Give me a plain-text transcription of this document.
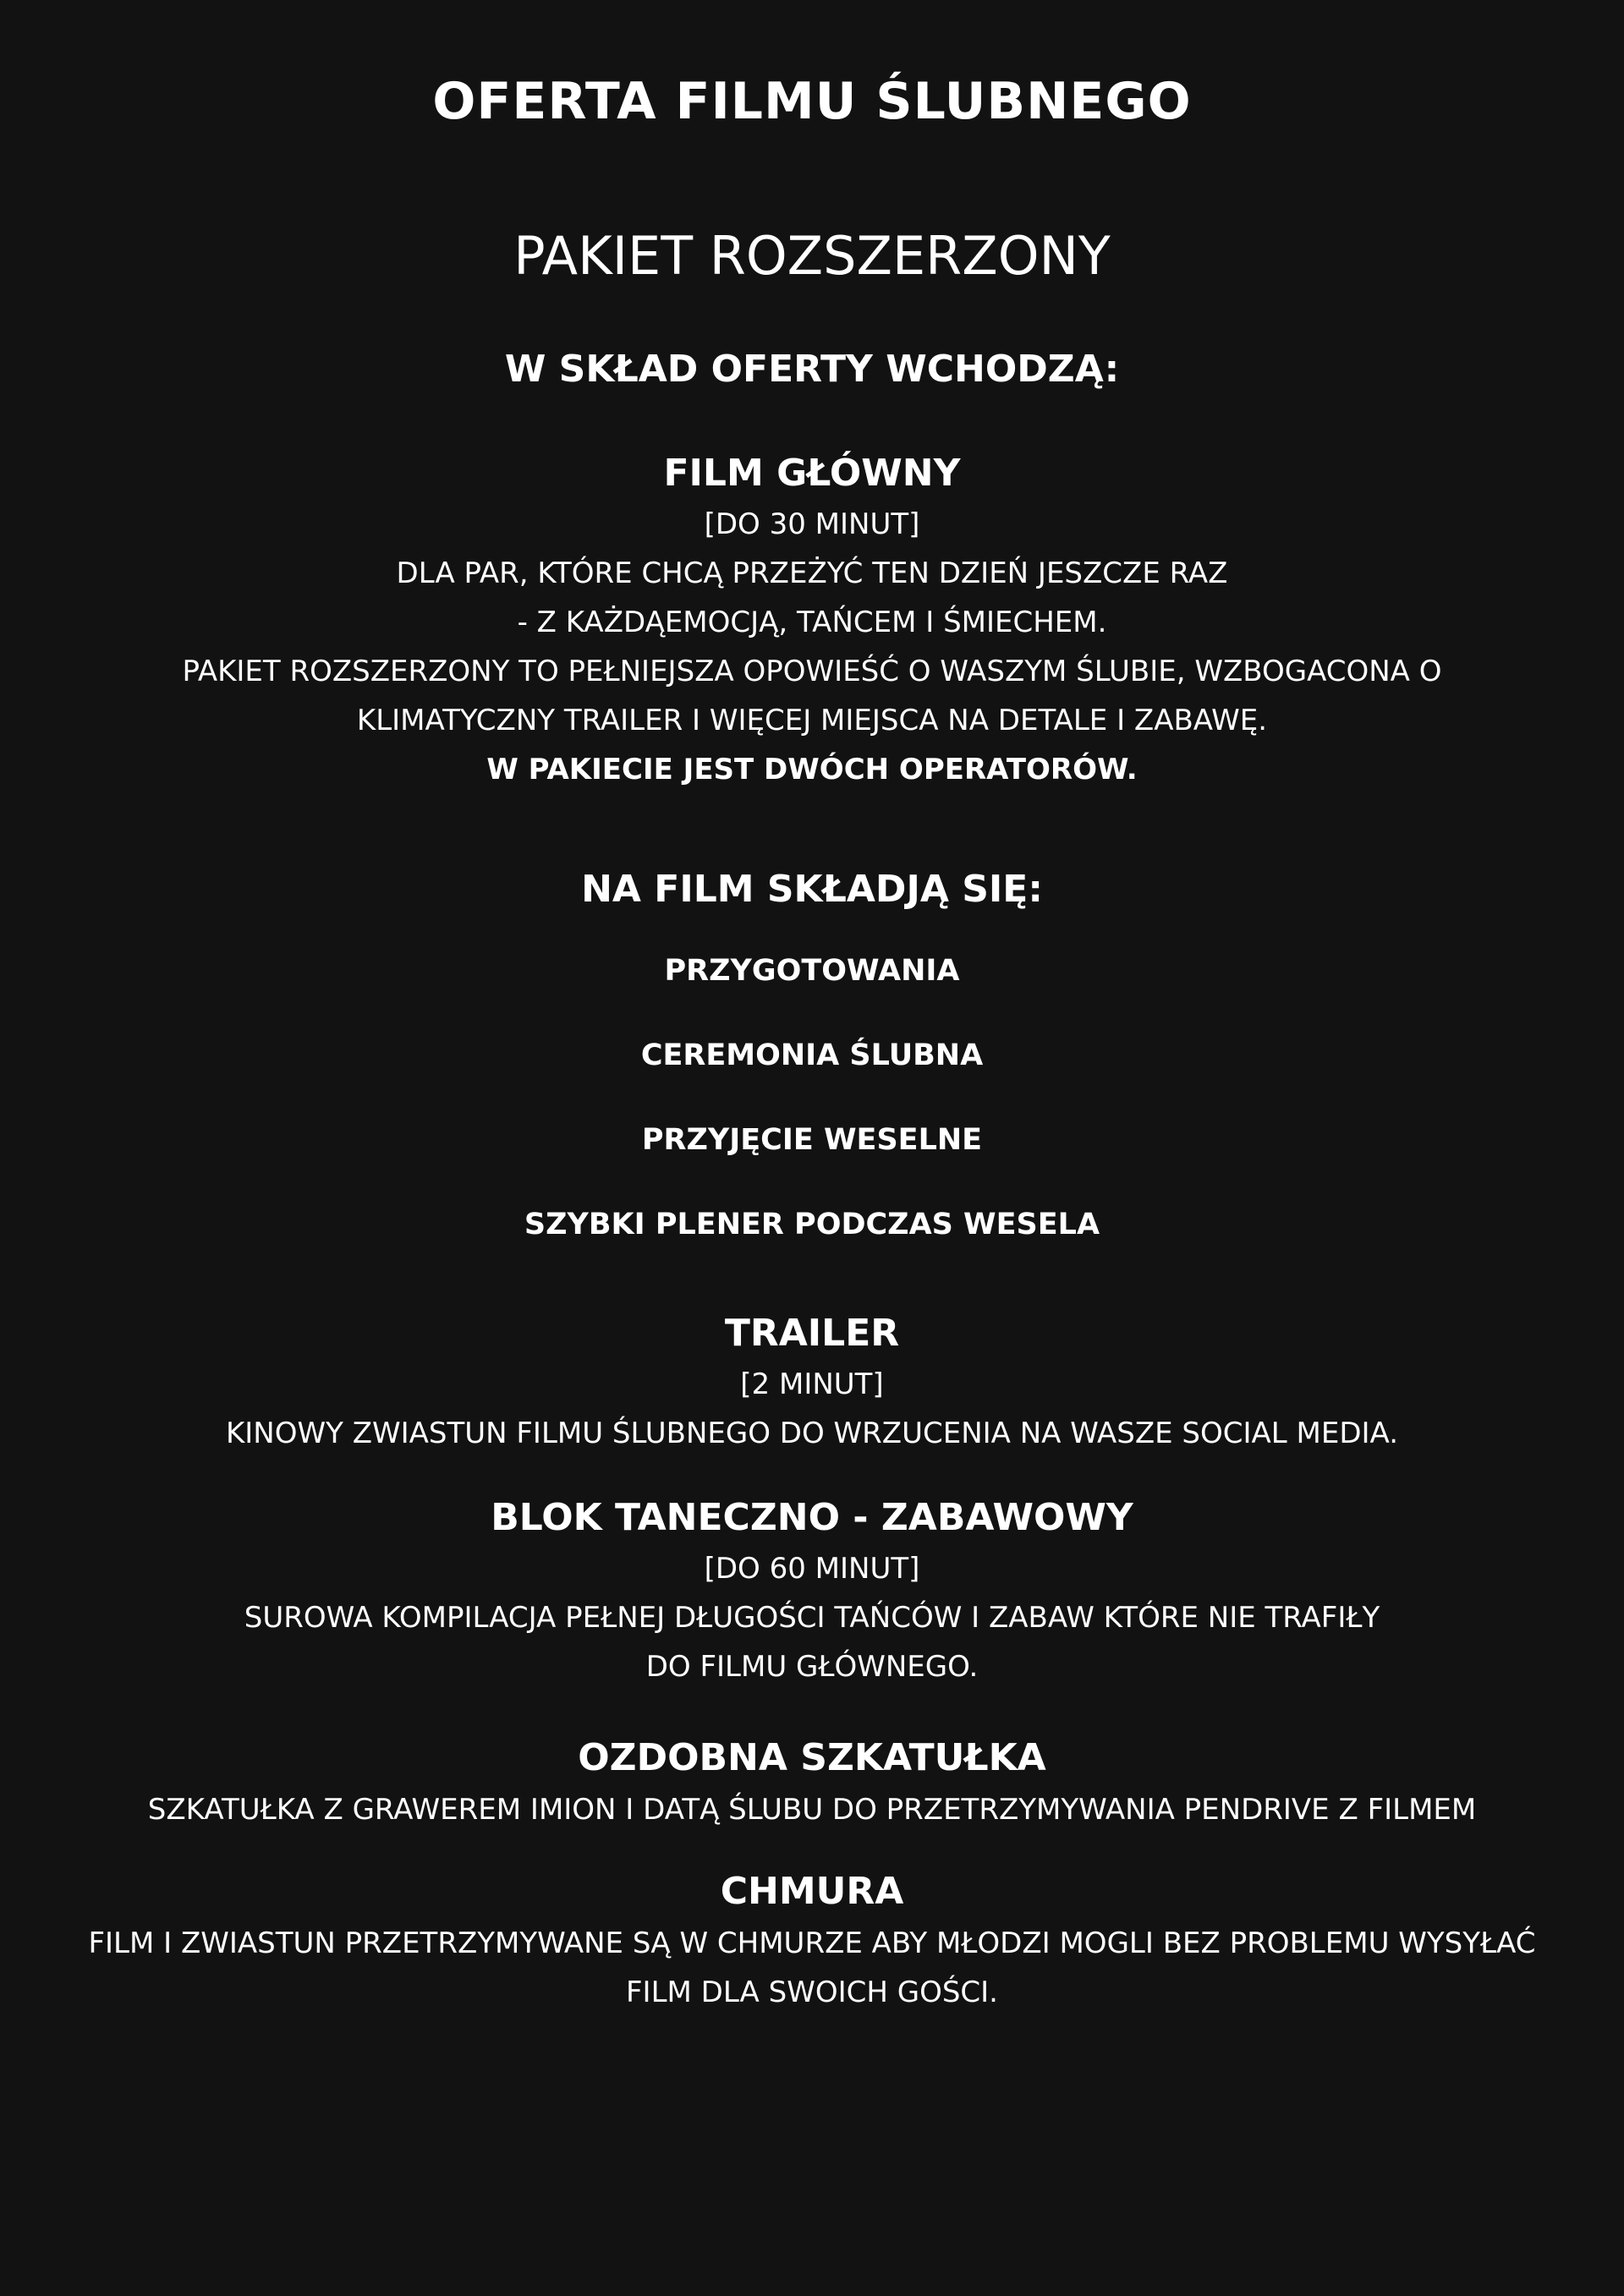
OFERTA FILMU ŚLUBNEGO
PAKIET ROZSZERZONY
W SKŁAD OFERTY WCHODZĄ:
FILM GŁÓWNY
[DO 30 MINUT]
DLA PAR, KTÓRE CHCĄ PRZEŻYĆ TEN DZIEŃ JESZCZE RAZ
- Z KAŻDĄEMOCJĄ, TAŃCEM I ŚMIECHEM.
PAKIET ROZSZERZONY TO PEŁNIEJSZA OPOWIEŚĆ O WASZYM ŚLUBIE, WZBOGACONA O
KLIMATYCZNY TRAILER I WIĘCEJ MIEJSCA NA DETALE I ZABAWĘ.
W PAKIECIE JEST DWÓCH OPERATORÓW.
NA FILM SKŁADJĄ SIĘ:
PRZYGOTOWANIA
CEREMONIA ŚLUBNA
PRZYJĘCIE WESELNE
SZYBKI PLENER PODCZAS WESELA
TRAILER
[2 MINUT]
KINOWY ZWIASTUN FILMU ŚLUBNEGO DO WRZUCENIA NA WASZE SOCIAL MEDIA.
BLOK TANECZNO - ZABAWOWY
[DO 60 MINUT]
SUROWA KOMPILACJA PEŁNEJ DŁUGOŚCI TAŃCÓW I ZABAW KTÓRE NIE TRAFIŁY
DO FILMU GŁÓWNEGO.
OZDOBNA SZKATUŁKA
SZKATUŁKA Z GRAWEREM IMION I DATĄ ŚLUBU DO PRZETRZYMYWANIA PENDRIVE Z FILMEM
CHMURA
FILM I ZWIASTUN PRZETRZYMYWANE SĄ W CHMURZE ABY MŁODZI MOGLI BEZ PROBLEMU WYSYŁAĆ
FILM DLA SWOICH GOŚCI.
